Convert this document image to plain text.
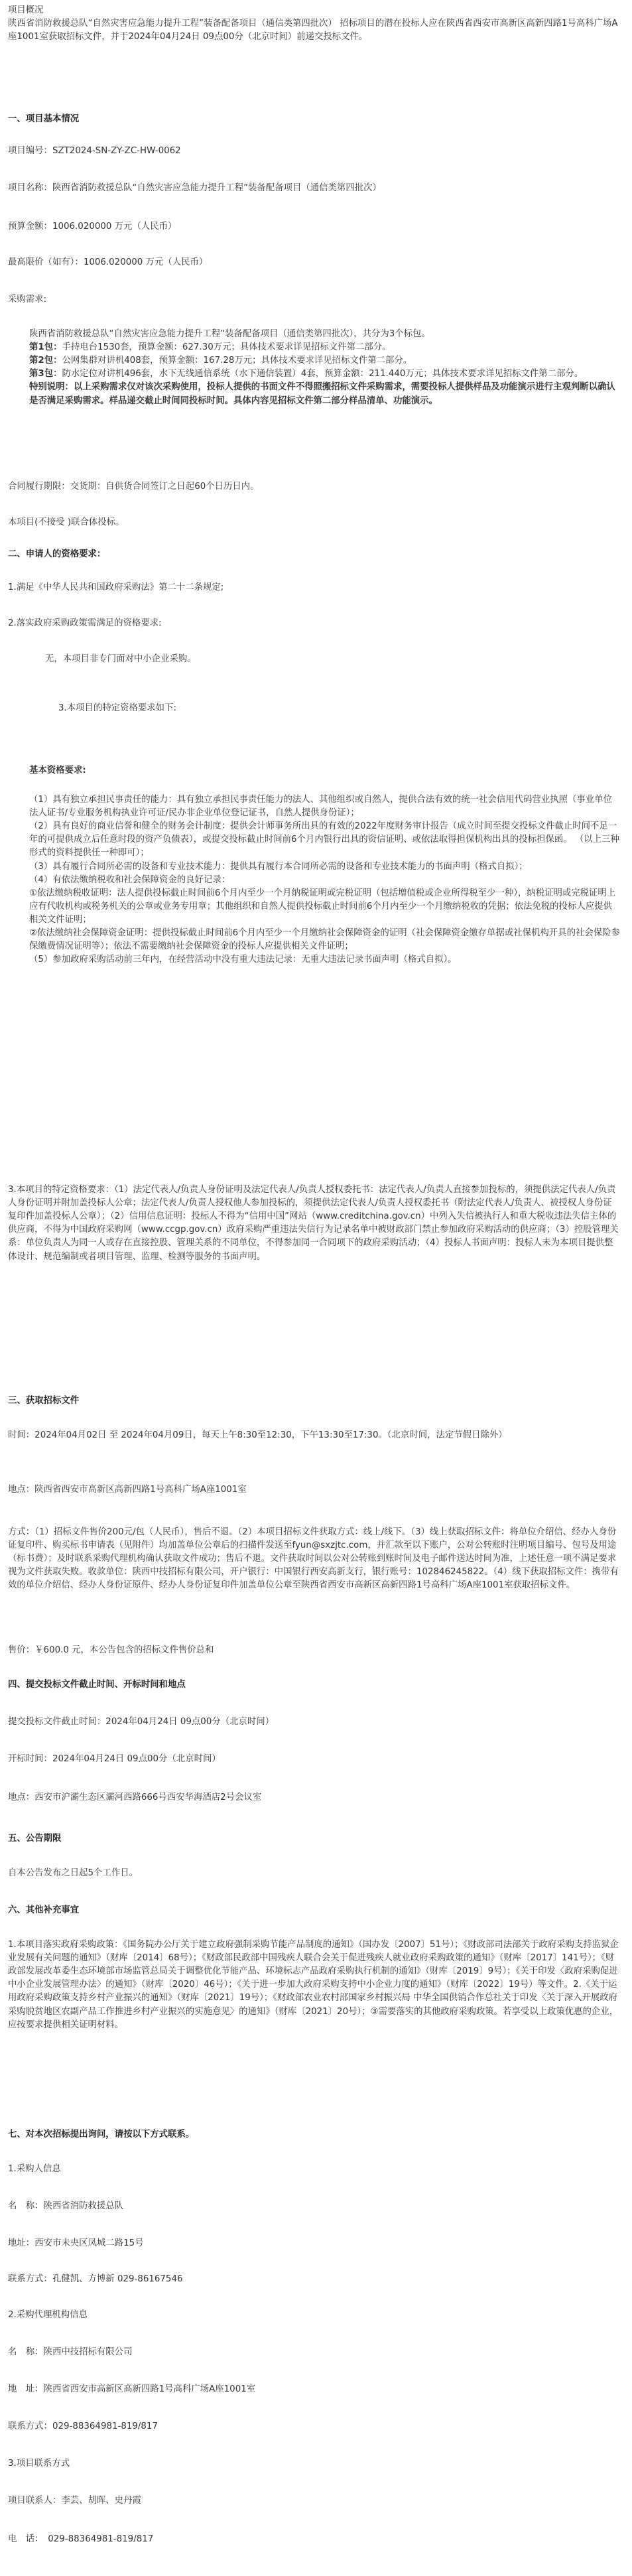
项目概况

陕西省消防救援总队“自然灾害应急能力提升工程”装备配备项目（通信类第四批次） 招标项目的潜在投标人应在陕西省西安市高新区高新四路1号高科广场A座1001室获取招标文件，并于2024年04月24日 09点00分（北京时间）前递交投标文件。

一、项目基本情况

项目编号：SZT2024-SN-ZY-ZC-HW-0062

项目名称：陕西省消防救援总队“自然灾害应急能力提升工程”装备配备项目（通信类第四批次）

预算金额：1006.020000 万元（人民币）

最高限价（如有）：1006.020000 万元（人民币）

采购需求:

陕西省消防救援总队“自然灾害应急能力提升工程”装备配备项目（通信类第四批次），共分为3个标包。

第1包：手持电台1530套，预算金额：627.30万元；具体技术要求详见招标文件第二部分。

第2包：公网集群对讲机408套，预算金额：167.28万元；具体技术要求详见招标文件第二部分。

第3包：防水定位对讲机496套，水下无线通信系统（水下通信装置）4套，预算金额：211.440万元；具体技术要求详见招标文件第二部分。

特别说明：以上采购需求仅对该次采购使用，投标人提供的书面文件不得照搬招标文件采购需求，需要投标人提供样品及功能演示进行主观判断以确认是否满足采购需求。样品递交截止时间同投标时间。具体内容见招标文件第二部分样品清单、功能演示。

合同履行期限：交货期：自供货合同签订之日起60个日历日内。

本项目(不接受 )联合体投标。

二、申请人的资格要求：

1.满足《中华人民共和国政府采购法》第二十二条规定;

2.落实政府采购政策需满足的资格要求:

无，本项目非专门面对中小企业采购。

3.本项目的特定资格要求如下:

基本资格要求:

（1）具有独立承担民事责任的能力：具有独立承担民事责任能力的法人、其他组织或自然人，提供合法有效的统一社会信用代码营业执照（事业单位法人证书/专业服务机构执业许可证/民办非企业单位登记证书，自然人提供身份证）；

（2）具有良好的商业信誉和健全的财务会计制度：提供会计师事务所出具的有效的2022年度财务审计报告（成立时间至提交投标文件截止时间不足一年的可提供成立后任意时段的资产负债表），或提交投标截止时间前6个月内银行出具的资信证明、或依法取得担保机构出具的投标担保函。 （以上三种形式的资料提供任一种即可）；

（3）具有履行合同所必需的设备和专业技术能力：提供具有履行本合同所必需的设备和专业技术能力的书面声明（格式自拟）；

（4）有依法缴纳税收和社会保障资金的良好记录：

①依法缴纳税收证明：法人提供投标截止时间前6个月内至少一个月纳税证明或完税证明（包括增值税或企业所得税至少一种），纳税证明或完税证明上应有代收机构或税务机关的公章或业务专用章；其他组织和自然人提供投标截止时间前6个月内至少一个月缴纳税收的凭据；依法免税的投标人应提供相关文件证明；

②依法缴纳社会保障资金证明：提供投标截止时间前6个月内至少一个月缴纳社会保障资金的证明（社会保障资金缴存单据或社保机构开具的社会保险参保缴费情况证明等）；依法不需要缴纳社会保障资金的投标人应提供相关文件证明；

（5）参加政府采购活动前三年内，在经营活动中没有重大违法记录：无重大违法记录书面声明（格式自拟）。

3.本项目的特定资格要求：（1）法定代表人/负责人身份证明及法定代表人/负责人授权委托书：法定代表人/负责人直接参加投标的，须提供法定代表人/负责人身份证明并附加盖投标人公章；法定代表人/负责人授权他人参加投标的，须提供法定代表人/负责人授权委托书（附法定代表人/负责人、被授权人身份证复印件加盖投标人公章）；（2）信用信息证明：投标人不得为“信用中国”网站（www.creditchina.gov.cn）中列入失信被执行人和重大税收违法失信主体的供应商，不得为中国政府采购网（www.ccgp.gov.cn）政府采购严重违法失信行为记录名单中被财政部门禁止参加政府采购活动的供应商；（3）控股管理关系：单位负责人为同一人或存在直接控股、管理关系的不同单位，不得参加同一合同项下的政府采购活动；（4）投标人书面声明：投标人未为本项目提供整体设计、规范编制或者项目管理、监理、检测等服务的书面声明。

三、获取招标文件

时间：2024年04月02日 至 2024年04月09日，每天上午8:30至12:30，下午13:30至17:30。（北京时间，法定节假日除外）

地点：陕西省西安市高新区高新四路1号高科广场A座1001室

方式：（1）招标文件售价200元/包（人民币），售后不退。（2）本项目招标文件获取方式：线上/线下。（3）线上获取招标文件：将单位介绍信、经办人身份证复印件、购买标书申请表（见附件）均加盖单位公章后的扫描件发送至fyun@sxzjtc.com，并汇款至以下账户，公对公转账时注明项目编号、包号及用途（标书费）；及时联系采购代理机构确认获取文件成功；售后不退。文件获取时间以公对公转账到账时间及电子邮件送达时间为准，上述任意一项不满足要求视为文件获取失败。收款单位：陕西中技招标有限公司，开户银行：中国银行西安高新支行，银行账号：102846245822。（4）线下获取招标文件：携带有效的单位介绍信、经办人身份证原件、经办人身份证复印件加盖单位公章至陕西省西安市高新区高新四路1号高科广场A座1001室获取招标文件。

售价：￥600.0 元，本公告包含的招标文件售价总和

四、提交投标文件截止时间、开标时间和地点

提交投标文件截止时间：2024年04月24日 09点00分（北京时间）

开标时间：2024年04月24日 09点00分（北京时间）

地点：西安市沪灞生态区灞河西路666号西安华海酒店2号会议室

五、公告期限

自本公告发布之日起5个工作日。

六、其他补充事宜

1.本项目落实政府采购政策：《国务院办公厅关于建立政府强制采购节能产品制度的通知》（国办发〔2007〕51号）；《财政部司法部关于政府采购支持监狱企业发展有关问题的通知》（财库〔2014〕68号）；《财政部民政部中国残疾人联合会关于促进残疾人就业政府采购政策的通知》（财库〔2017〕141号）；《财政部发展改革委生态环境部市场监管总局关于调整优化节能产品、环境标志产品政府采购执行机制的通知》（财库〔2019〕9号）；《关于印发〈政府采购促进中小企业发展管理办法〉的通知》（财库〔2020〕46号）；《关于进一步加大政府采购支持中小企业力度的通知》（财库〔2022〕19号）等文件。2.《关于运用政府采购政策支持乡村产业振兴的通知》（财库〔2021〕19号）；《财政部农业农村部国家乡村振兴局 中华全国供销合作总社关于印发〈关于深入开展政府采购脱贫地区农副产品工作推进乡村产业振兴的实施意见〉的通知》（财库〔2021〕20号）；③需要落实的其他政府采购政策。若享受以上政策优惠的企业，应按要求提供相关证明材料。

七、对本次招标提出询问，请按以下方式联系。

1.采购人信息

名　称：陕西省消防救援总队

地址：西安市未央区凤城二路15号

联系方式：孔健凯、方博新 029-86167546

2.采购代理机构信息

名　称：陕西中技招标有限公司

地　址：陕西省西安市高新区高新四路1号高科广场A座1001室

联系方式：029-88364981-819/817

3.项目联系方式

项目联系人：李芸、胡晖、史丹霞

电　话：　029-88364981-819/817
